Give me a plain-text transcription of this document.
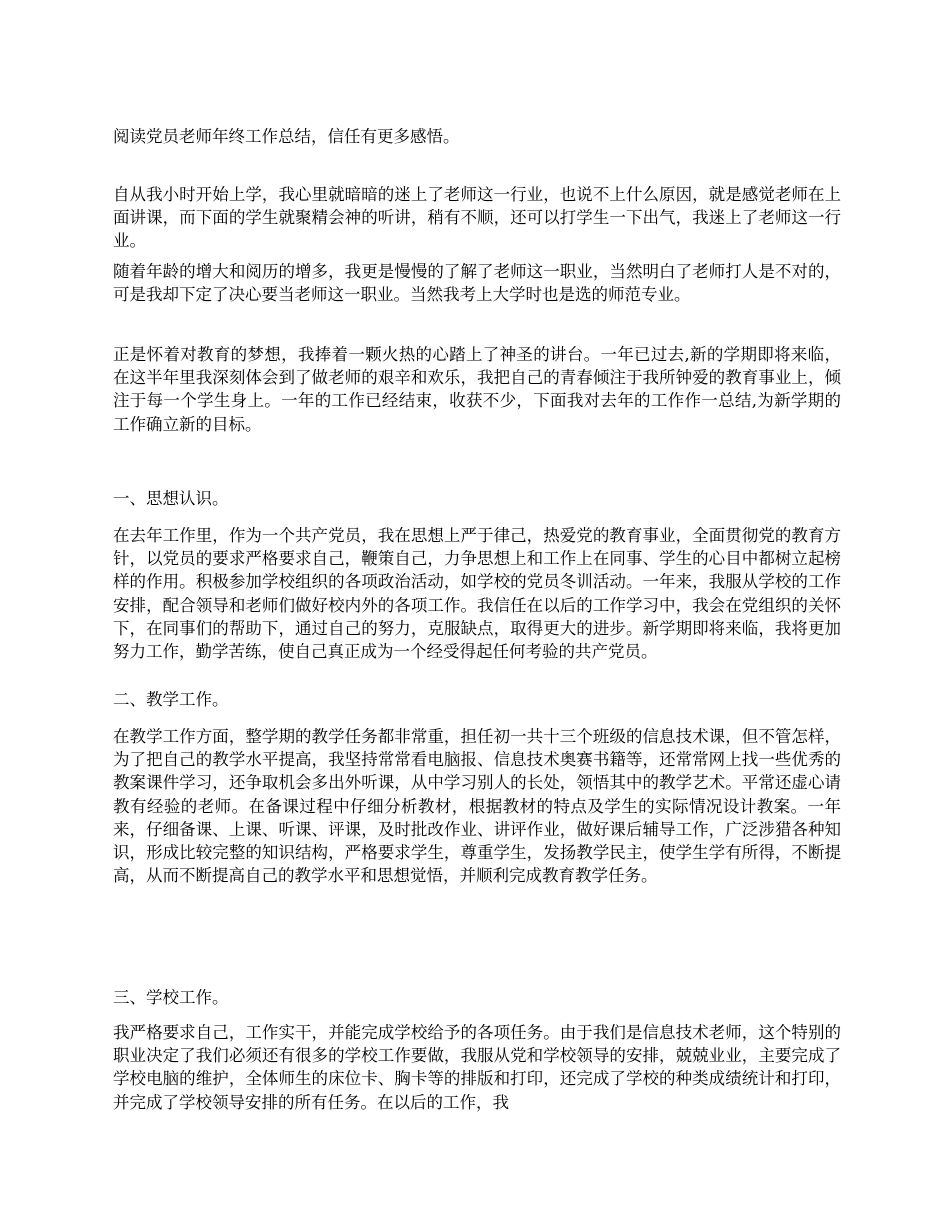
阅读党员老师年终工作总结，信任有更多感悟。

自从我小时开始上学，我心里就暗暗的迷上了老师这一行业，也说不上什么原因，就是感觉老师在上面讲课，而下面的学生就聚精会神的听讲，稍有不顺，还可以打学生一下出气，我迷上了老师这一行业。

随着年龄的增大和阅历的增多，我更是慢慢的了解了老师这一职业，当然明白了老师打人是不对的，可是我却下定了决心要当老师这一职业。当然我考上大学时也是选的师范专业。

正是怀着对教育的梦想，我捧着一颗火热的心踏上了神圣的讲台。一年已过去,新的学期即将来临，在这半年里我深刻体会到了做老师的艰辛和欢乐，我把自己的青春倾注于我所钟爱的教育事业上，倾注于每一个学生身上。一年的工作已经结束，收获不少，下面我对去年的工作作一总结,为新学期的工作确立新的目标。

一、思想认识。

在去年工作里，作为一个共产党员，我在思想上严于律己，热爱党的教育事业，全面贯彻党的教育方针，以党员的要求严格要求自己，鞭策自己，力争思想上和工作上在同事、学生的心目中都树立起榜样的作用。积极参加学校组织的各项政治活动，如学校的党员冬训活动。一年来，我服从学校的工作安排，配合领导和老师们做好校内外的各项工作。我信任在以后的工作学习中，我会在党组织的关怀下，在同事们的帮助下，通过自己的努力，克服缺点，取得更大的进步。新学期即将来临，我将更加努力工作，勤学苦练，使自己真正成为一个经受得起任何考验的共产党员。

二、教学工作。

在教学工作方面，整学期的教学任务都非常重，担任初一共十三个班级的信息技术课，但不管怎样，为了把自己的教学水平提高，我坚持常常看电脑报、信息技术奥赛书籍等，还常常网上找一些优秀的教案课件学习，还争取机会多出外听课，从中学习别人的长处，领悟其中的教学艺术。平常还虚心请教有经验的老师。在备课过程中仔细分析教材，根据教材的特点及学生的实际情况设计教案。一年来，仔细备课、上课、听课、评课，及时批改作业、讲评作业，做好课后辅导工作，广泛涉猎各种知识，形成比较完整的知识结构，严格要求学生，尊重学生，发扬教学民主，使学生学有所得，不断提高，从而不断提高自己的教学水平和思想觉悟，并顺利完成教育教学任务。

三、学校工作。

我严格要求自己，工作实干，并能完成学校给予的各项任务。由于我们是信息技术老师，这个特别的职业决定了我们必须还有很多的学校工作要做，我服从党和学校领导的安排，兢兢业业，主要完成了学校电脑的维护，全体师生的床位卡、胸卡等的排版和打印，还完成了学校的种类成绩统计和打印，并完成了学校领导安排的所有任务。在以后的工作，我
